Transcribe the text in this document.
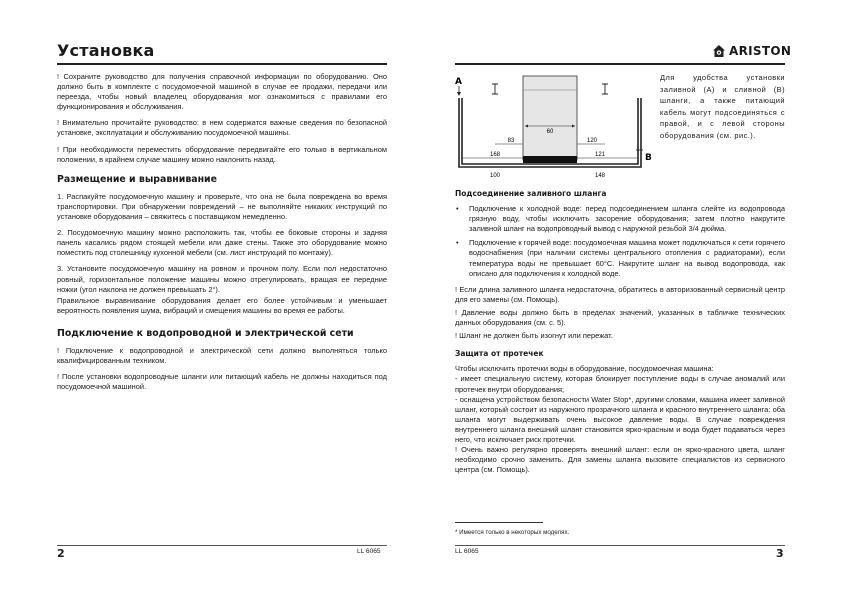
Установка	ARISTON

! Сохраните руководство для получения справочной информации по оборудованию. Оно должно быть в комплекте с посудомоечной машиной в случае ее продажи, передачи или переезда, чтобы новый владелец оборудования мог ознакомиться с правилами его функционирования и обслуживания.

! Внимательно прочитайте руководство: в нем содержатся важные сведения по безопасной установке, эксплуатации и обслуживанию посудомоечной машины.

! При необходимости переместить оборудование передвигайте его только в вертикальном положении, в крайнем случае машину можно наклонить назад.

Размещение и выравнивание

1. Распакуйте посудомоечную машину и проверьте, что она не была повреждена во время транспортировки. При обнаружении повреждений – не выполняйте никаких инструкций по установке оборудования – свяжитесь с поставщиком немедленно.

2. Посудомоечную машину можно расположить так, чтобы ее боковые стороны и задняя панель касались рядом стоящей мебели или даже стены. Также это оборудование можно поместить под столешницу кухонной мебели (см. лист инструкций по монтажу).

3. Установите посудомоечную машину на ровном и прочном полу. Если пол недостаточно ровный, горизонтальное положение машины можно отрегулировать, вращая ее передние ножки (угол наклона не должен превышать 2°).

Правильное выравнивание оборудования делает его более устойчивым и уменьшает вероятность появления шума, вибраций и смещения машины во время ее работы.

Подключение к водопроводной и электрической сети

! Подключение к водопроводной и электрической сети должно выполняться только квалифицированным техником.

! После установки водопроводные шланги или питающий кабель не должны находиться под посудомоечной машиной.

A
B
60
83	120
168	121
100	148
Для удобства установки заливной (А) и сливной (В) шланги, а также питающий кабель могут подсоединяться с правой, и с левой стороны оборудования (см. рис.).
Подсоединение заливного шланга
• Подключение к холодной воде: перед подсоединением шланга слейте из водопровода грязную воду, чтобы исключить засорение оборудования; затем плотно накрутите заливной шланг на водопроводный вывод с наружной резьбой 3/4 дюйма.
• Подключение к горячей воде: посудомоечная машина может подключаться к сети горячего водоснабжения (при наличии системы центрального отопления с радиаторами), если температура воды не превышает 60°C. Накрутите шланг на вывод водопровода, как описано для подключения к холодной воде.

! Если длина заливного шланга недостаточна, обратитесь в авторизованный сервисный центр для его замены (см. Помощь).

! Давление воды должно быть в пределах значений, указанных в табличке технических данных оборудования (см. с. 5).

! Шланг не должен быть изогнут или пережат.

Защита от протечек

Чтобы исключить протечки воды в оборудование, посудомоечная машина:

- имеет специальную систему, которая блокирует поступление воды в случае аномалий или протечек внутри оборудования;

- оснащена устройством безопасности Water Stop*, другими словами, машина имеет заливной шланг, который состоит из наружного прозрачного шланга и красного внутреннего шланга: оба шланга могут выдерживать очень высокое давление воды. В случае повреждения внутреннего шланга внешний шланг становится ярко-красным и вода будет подаваться через него, что исключает риск протечки.

! Очень важно регулярно проверять внешний шланг: если он ярко-красного цвета, шланг необходимо срочно заменить. Для замены шланга вызовите специалистов из сервисного центра (см. Помощь).

* Имеется только в некоторых моделях.
2	LL 6065	LL 6065	3
